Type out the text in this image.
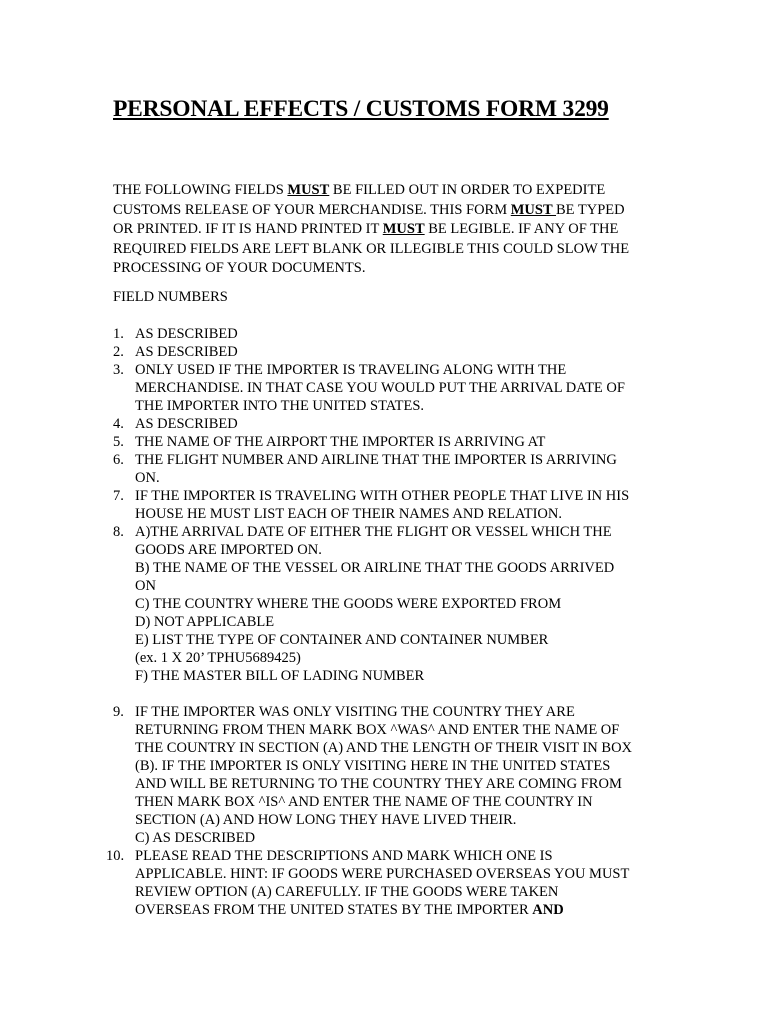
PERSONAL EFFECTS / CUSTOMS FORM 3299
THE FOLLOWING FIELDS MUST BE FILLED OUT IN ORDER TO EXPEDITE
CUSTOMS RELEASE OF YOUR MERCHANDISE. THIS FORM MUST BE TYPED
OR PRINTED. IF IT IS HAND PRINTED IT MUST BE LEGIBLE. IF ANY OF THE
REQUIRED FIELDS ARE LEFT BLANK OR ILLEGIBLE THIS COULD SLOW THE
PROCESSING OF YOUR DOCUMENTS.
FIELD NUMBERS
1. AS DESCRIBED
2. AS DESCRIBED
3. ONLY USED IF THE IMPORTER IS TRAVELING ALONG WITH THE
MERCHANDISE. IN THAT CASE YOU WOULD PUT THE ARRIVAL DATE OF
THE IMPORTER INTO THE UNITED STATES.
4. AS DESCRIBED
5. THE NAME OF THE AIRPORT THE IMPORTER IS ARRIVING AT
6. THE FLIGHT NUMBER AND AIRLINE THAT THE IMPORTER IS ARRIVING
ON.
7. IF THE IMPORTER IS TRAVELING WITH OTHER PEOPLE THAT LIVE IN HIS
HOUSE HE MUST LIST EACH OF THEIR NAMES AND RELATION.
8. A)THE ARRIVAL DATE OF EITHER THE FLIGHT OR VESSEL WHICH THE
GOODS ARE IMPORTED ON.
B) THE NAME OF THE VESSEL OR AIRLINE THAT THE GOODS ARRIVED
ON
C) THE COUNTRY WHERE THE GOODS WERE EXPORTED FROM
D) NOT APPLICABLE
E) LIST THE TYPE OF CONTAINER AND CONTAINER NUMBER
(ex. 1 X 20’ TPHU5689425)
F) THE MASTER BILL OF LADING NUMBER
9. IF THE IMPORTER WAS ONLY VISITING THE COUNTRY THEY ARE
RETURNING FROM THEN MARK BOX ^WAS^ AND ENTER THE NAME OF
THE COUNTRY IN SECTION (A) AND THE LENGTH OF THEIR VISIT IN BOX
(B). IF THE IMPORTER IS ONLY VISITING HERE IN THE UNITED STATES
AND WILL BE RETURNING TO THE COUNTRY THEY ARE COMING FROM
THEN MARK BOX ^IS^ AND ENTER THE NAME OF THE COUNTRY IN
SECTION (A) AND HOW LONG THEY HAVE LIVED THEIR.
C) AS DESCRIBED
10. PLEASE READ THE DESCRIPTIONS AND MARK WHICH ONE IS
APPLICABLE. HINT: IF GOODS WERE PURCHASED OVERSEAS YOU MUST
REVIEW OPTION (A) CAREFULLY. IF THE GOODS WERE TAKEN
OVERSEAS FROM THE UNITED STATES BY THE IMPORTER AND
